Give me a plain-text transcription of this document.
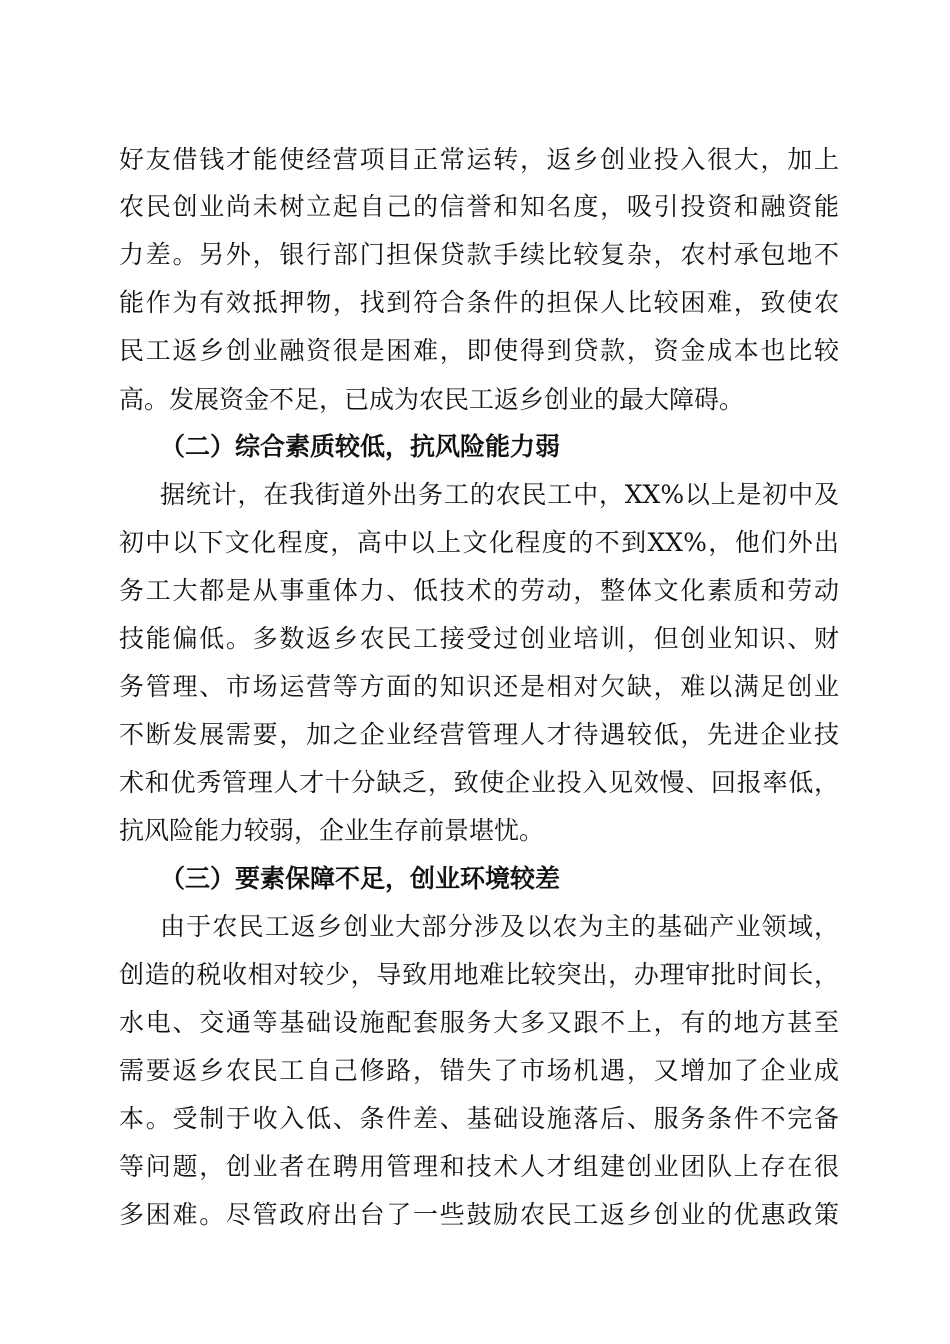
好友借钱才能使经营项目正常运转，返乡创业投入很大，加上
农民创业尚未树立起自己的信誉和知名度，吸引投资和融资能
力差。另外，银行部门担保贷款手续比较复杂，农村承包地不
能作为有效抵押物，找到符合条件的担保人比较困难，致使农
民工返乡创业融资很是困难，即使得到贷款，资金成本也比较
高。发展资金不足，已成为农民工返乡创业的最大障碍。
（二）综合素质较低，抗风险能力弱
据统计，在我街道外出务工的农民工中，XX%以上是初中及
初中以下文化程度，高中以上文化程度的不到XX%，他们外出
务工大都是从事重体力、低技术的劳动，整体文化素质和劳动
技能偏低。多数返乡农民工接受过创业培训，但创业知识、财
务管理、市场运营等方面的知识还是相对欠缺，难以满足创业
不断发展需要，加之企业经营管理人才待遇较低，先进企业技
术和优秀管理人才十分缺乏，致使企业投入见效慢、回报率低，
抗风险能力较弱，企业生存前景堪忧。
（三）要素保障不足，创业环境较差
由于农民工返乡创业大部分涉及以农为主的基础产业领域，
创造的税收相对较少，导致用地难比较突出，办理审批时间长，
水电、交通等基础设施配套服务大多又跟不上，有的地方甚至
需要返乡农民工自己修路，错失了市场机遇，又增加了企业成
本。受制于收入低、条件差、基础设施落后、服务条件不完备
等问题，创业者在聘用管理和技术人才组建创业团队上存在很
多困难。尽管政府出台了一些鼓励农民工返乡创业的优惠政策
